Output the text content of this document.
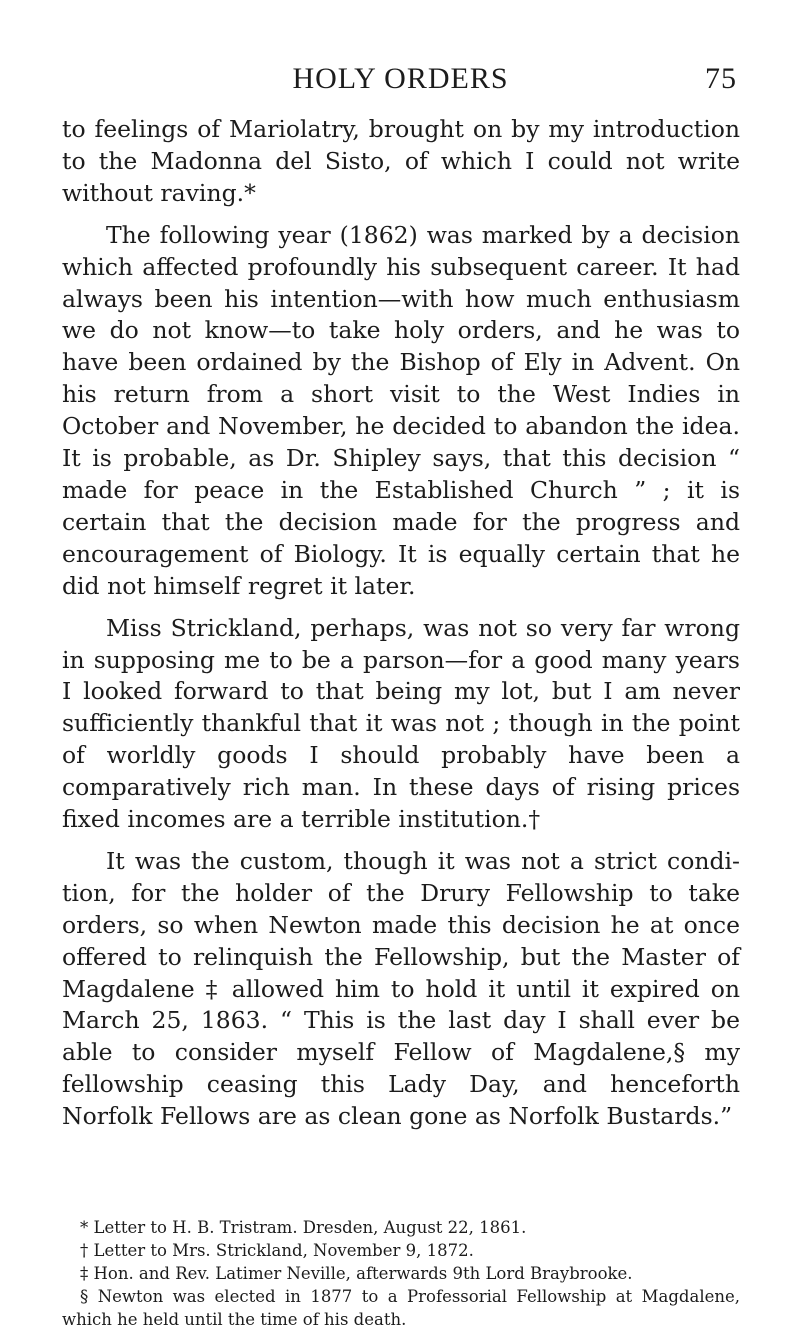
HOLY ORDERS	75

to feelings of Mariolatry, brought on by my introduction to the Madonna del Sisto, of which I could not write without raving.*

The following year (1862) was marked by a decision which affected profoundly his subsequent career. It had always been his intention—with how much enthusiasm we do not know—to take holy orders, and he was to have been ordained by the Bishop of Ely in Advent. On his return from a short visit to the West Indies in October and November, he decided to abandon the idea. It is probable, as Dr. Shipley says, that this decision “ made for peace in the Established Church ” ; it is certain that the decision made for the progress and encouragement of Biology. It is equally certain that he did not himself regret it later.

Miss Strickland, perhaps, was not so very far wrong in supposing me to be a parson—for a good many years I looked forward to that being my lot, but I am never sufficiently thankful that it was not ; though in the point of worldly goods I should probably have been a comparatively rich man. In these days of rising prices fixed incomes are a terrible institution.†

It was the custom, though it was not a strict condition, for the holder of the Drury Fellowship to take orders, so when Newton made this decision he at once offered to relinquish the Fellowship, but the Master of Magdalene ‡ allowed him to hold it until it expired on March 25, 1863. “ This is the last day I shall ever be able to consider myself Fellow of Magdalene,§ my fellowship ceasing this Lady Day, and henceforth Norfolk Fellows are as clean gone as Norfolk Bustards.”

* Letter to H. B. Tristram. Dresden, August 22, 1861.

† Letter to Mrs. Strickland, November 9, 1872.

‡ Hon. and Rev. Latimer Neville, afterwards 9th Lord Braybrooke.

§ Newton was elected in 1877 to a Professorial Fellowship at Magdalene, which he held until the time of his death.
